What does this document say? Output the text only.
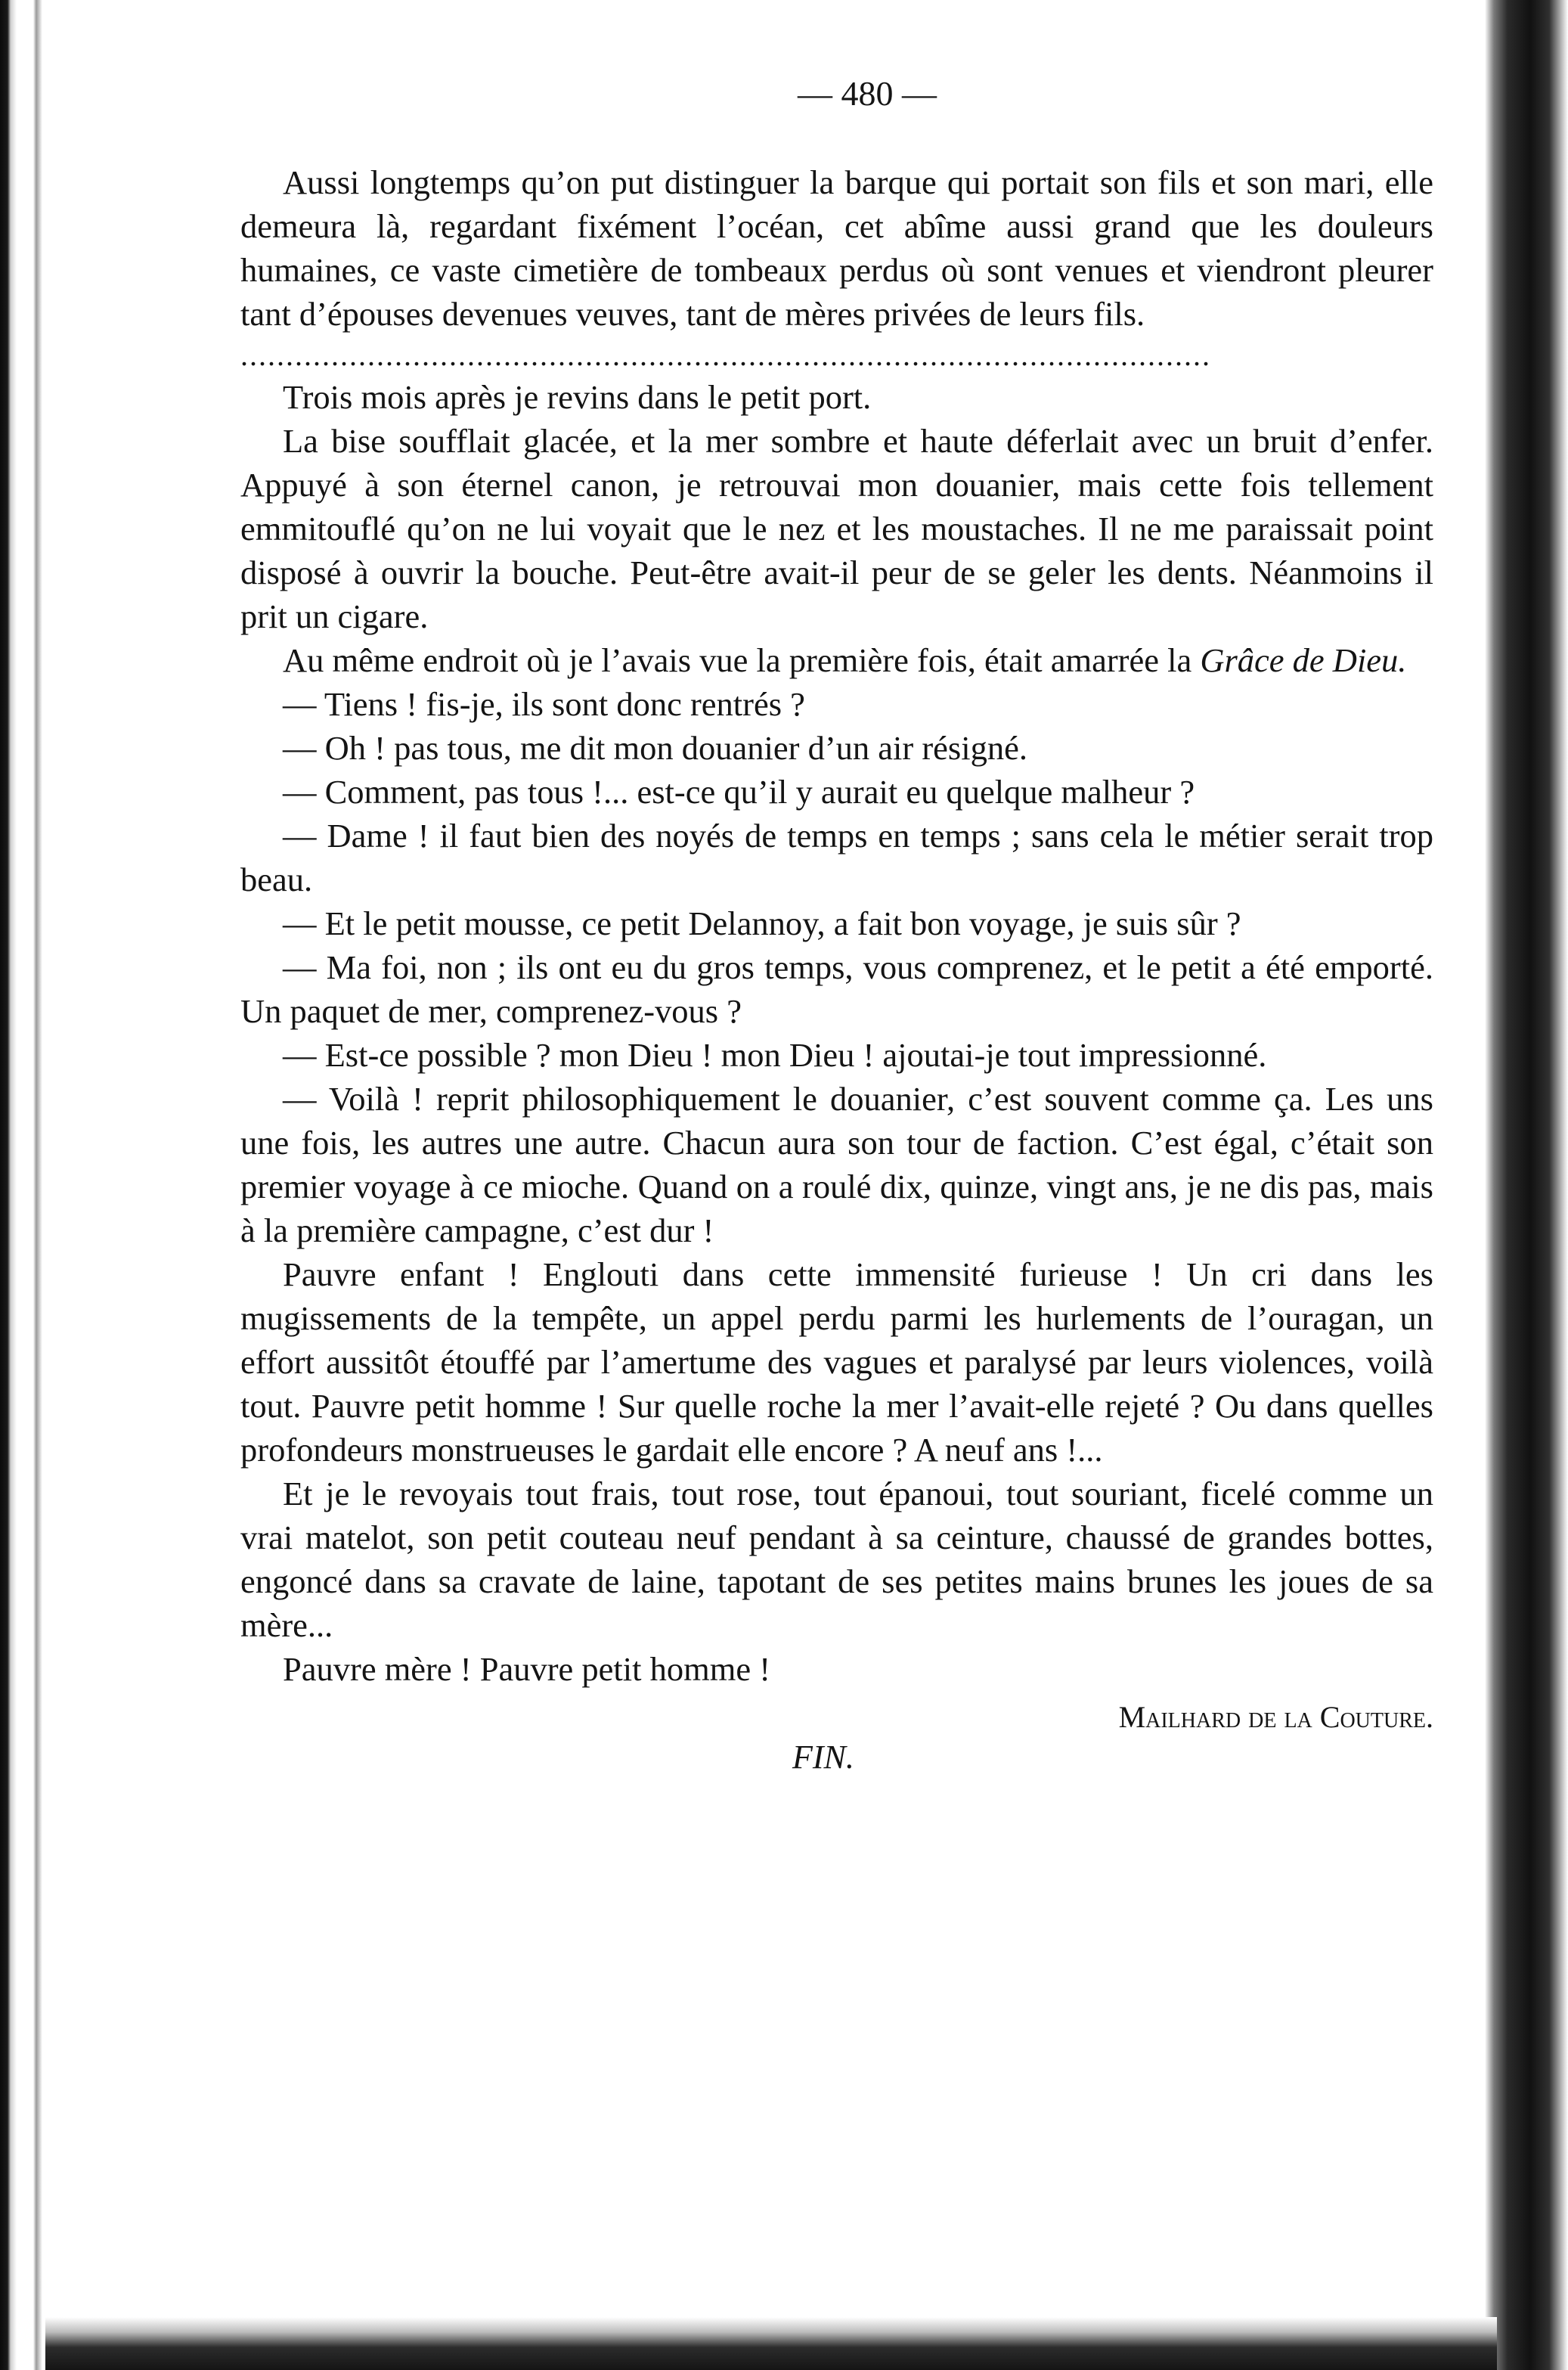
— 480 —

Aussi longtemps qu’on put distinguer la barque qui portait son fils et son mari, elle demeura là, regardant fixément l’océan, cet abîme aussi grand que les douleurs humaines, ce vaste cimetière de tombeaux perdus où sont venues et viendront pleurer tant d’épouses devenues veuves, tant de mères privées de leurs fils.

...........................................................................................................

Trois mois après je revins dans le petit port.

La bise soufflait glacée, et la mer sombre et haute déferlait avec un bruit d’enfer. Appuyé à son éternel canon, je retrouvai mon douanier, mais cette fois tellement emmitouflé qu’on ne lui voyait que le nez et les moustaches. Il ne me paraissait point disposé à ouvrir la bouche. Peut-être avait-il peur de se geler les dents. Néanmoins il prit un cigare.

Au même endroit où je l’avais vue la première fois, était amarrée la Grâce de Dieu.

— Tiens ! fis-je, ils sont donc rentrés ?

— Oh ! pas tous, me dit mon douanier d’un air résigné.

— Comment, pas tous !... est-ce qu’il y aurait eu quelque malheur ?

— Dame ! il faut bien des noyés de temps en temps ; sans cela le métier serait trop beau.

— Et le petit mousse, ce petit Delannoy, a fait bon voyage, je suis sûr ?

— Ma foi, non ; ils ont eu du gros temps, vous comprenez, et le petit a été emporté. Un paquet de mer, comprenez-vous ?

— Est-ce possible ? mon Dieu ! mon Dieu ! ajoutai-je tout impressionné.

— Voilà ! reprit philosophiquement le douanier, c’est souvent comme ça. Les uns une fois, les autres une autre. Chacun aura son tour de faction. C’est égal, c’était son premier voyage à ce mioche. Quand on a roulé dix, quinze, vingt ans, je ne dis pas, mais à la première campagne, c’est dur !

Pauvre enfant ! Englouti dans cette immensité furieuse ! Un cri dans les mugissements de la tempête, un appel perdu parmi les hurlements de l’ouragan, un effort aussitôt étouffé par l’amertume des vagues et paralysé par leurs violences, voilà tout. Pauvre petit homme ! Sur quelle roche la mer l’avait-elle rejeté ? Ou dans quelles profondeurs monstrueuses le gardait elle encore ? A neuf ans !...

Et je le revoyais tout frais, tout rose, tout épanoui, tout souriant, ficelé comme un vrai matelot, son petit couteau neuf pendant à sa ceinture, chaussé de grandes bottes, engoncé dans sa cravate de laine, tapotant de ses petites mains brunes les joues de sa mère...

Pauvre mère ! Pauvre petit homme !

Mailhard de la Couture.
FIN.
